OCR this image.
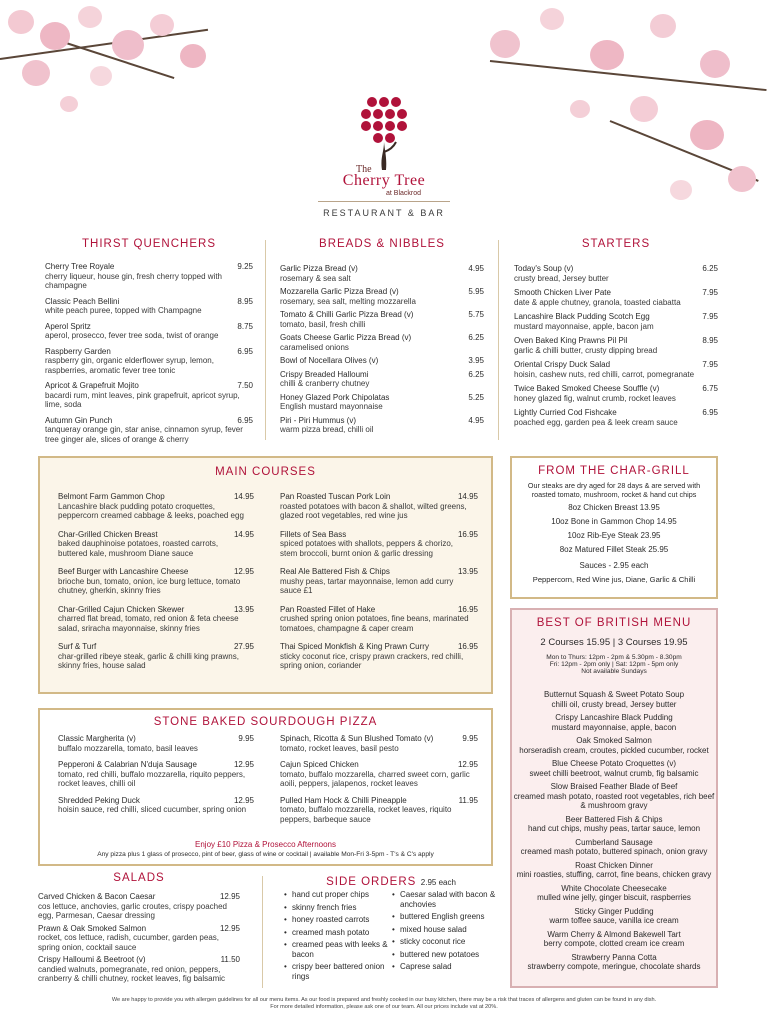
The
Cherry Tree
at Blackrod
RESTAURANT & BAR
THIRST QUENCHERS
Cherry Tree Royale	9.25
cherry liqueur, house gin, fresh cherry topped with champagne
Classic Peach Bellini	8.95
white peach puree, topped with Champagne
Aperol Spritz	8.75
aperol, prosecco, fever tree soda, twist of orange
Raspberry Garden	6.95
raspberry gin, organic elderflower syrup, lemon, raspberries, aromatic fever tree tonic
Apricot & Grapefruit Mojito	7.50
bacardi rum, mint leaves, pink grapefruit, apricot syrup, lime, soda
Autumn Gin Punch	6.95
tanqueray orange gin, star anise, cinnamon syrup, fever tree ginger ale, slices of orange & cherry
BREADS & NIBBLES
Garlic Pizza Bread (v)	4.95
rosemary & sea salt
Mozzarella Garlic Pizza Bread (v)	5.95
rosemary, sea salt, melting mozzarella
Tomato & Chilli Garlic Pizza Bread (v)	5.75
tomato, basil, fresh chilli
Goats Cheese Garlic Pizza Bread (v)	6.25
caramelised onions
Bowl of Nocellara Olives (v)	3.95
Crispy Breaded Halloumi	6.25
chilli & cranberry chutney
Honey Glazed Pork Chipolatas	5.25
English mustard mayonnaise
Piri - Piri Hummus (v)	4.95
warm pizza bread, chilli oil
STARTERS
Today's Soup (v)	6.25
crusty bread, Jersey butter
Smooth Chicken Liver Pate	7.95
date & apple chutney, granola, toasted ciabatta
Lancashire Black Pudding Scotch Egg	7.95
mustard mayonnaise, apple, bacon jam
Oven Baked King Prawns Pil Pil	8.95
garlic & chilli butter, crusty dipping bread
Oriental Crispy Duck Salad	7.95
hoisin, cashew nuts, red chilli, carrot, pomegranate
Twice Baked Smoked Cheese Souffle (v)	6.75
honey glazed fig, walnut crumb, rocket leaves
Lightly Curried Cod Fishcake	6.95
poached egg, garden pea & leek cream sauce
MAIN COURSES
Belmont Farm Gammon Chop	14.95
Lancashire black pudding potato croquettes, peppercorn creamed cabbage & leeks, poached egg
Char-Grilled Chicken Breast	14.95
baked dauphinoise potatoes, roasted carrots, buttered kale, mushroom Diane sauce
Beef Burger with Lancashire Cheese	12.95
brioche bun, tomato, onion, ice burg lettuce, tomato chutney, gherkin, skinny fries
Char-Grilled Cajun Chicken Skewer	13.95
charred flat bread, tomato, red onion & feta cheese salad, sriracha mayonnaise, skinny fries
Surf & Turf	27.95
char-grilled ribeye steak, garlic & chilli king prawns, skinny fries, house salad
Pan Roasted Tuscan Pork Loin	14.95
roasted potatoes with bacon & shallot, wilted greens, glazed root vegetables, red wine jus
Fillets of Sea Bass	16.95
spiced potatoes with shallots, peppers & chorizo, stem broccoli, burnt onion & garlic dressing
Real Ale Battered Fish & Chips	13.95
mushy peas, tartar mayonnaise, lemon add curry sauce £1
Pan Roasted Fillet of Hake	16.95
crushed spring onion potatoes, fine beans, marinated tomatoes, champagne & caper cream
Thai Spiced Monkfish & King Prawn Curry	16.95
sticky coconut rice, crispy prawn crackers, red chilli, spring onion, coriander
FROM THE CHAR-GRILL
Our steaks are dry aged for 28 days & are served with roasted tomato, mushroom, rocket & hand cut chips
8oz Chicken Breast 13.95
10oz Bone in Gammon Chop 14.95
10oz Rib-Eye Steak 23.95
8oz Matured Fillet Steak 25.95
Sauces - 2.95 each
Peppercorn, Red Wine jus, Diane, Garlic & Chilli
BEST OF BRITISH MENU
2 Courses 15.95 | 3 Courses 19.95
Mon to Thurs: 12pm - 2pm & 5.30pm - 8.30pm
Fri: 12pm - 2pm only | Sat: 12pm - 5pm only
Not available Sundays
Butternut Squash & Sweet Potato Soup
chilli oil, crusty bread, Jersey butter
Crispy Lancashire Black Pudding
mustard mayonnaise, apple, bacon
Oak Smoked Salmon
horseradish cream, croutes, pickled cucumber, rocket
Blue Cheese Potato Croquettes (v)
sweet chilli beetroot, walnut crumb, fig balsamic
Slow Braised Feather Blade of Beef
creamed mash potato, roasted root vegetables, rich beef & mushroom gravy
Beer Battered Fish & Chips
hand cut chips, mushy peas, tartar sauce, lemon
Cumberland Sausage
creamed mash potato, buttered spinach, onion gravy
Roast Chicken Dinner
mini roasties, stuffing, carrot, fine beans, chicken gravy
White Chocolate Cheesecake
mulled wine jelly, ginger biscuit, raspberries
Sticky Ginger Pudding
warm toffee sauce, vanilla ice cream
Warm Cherry & Almond Bakewell Tart
berry compote, clotted cream ice cream
Strawberry Panna Cotta
strawberry compote, meringue, chocolate shards
STONE BAKED SOURDOUGH PIZZA
Classic Margherita (v)	9.95
buffalo mozzarella, tomato, basil leaves
Pepperoni & Calabrian N'duja Sausage	12.95
tomato, red chilli, buffalo mozzarella, riquito peppers, rocket leaves, chilli oil
Shredded Peking Duck	12.95
hoisin sauce, red chilli, sliced cucumber, spring onion
Spinach, Ricotta & Sun Blushed Tomato (v)	9.95
tomato, rocket leaves, basil pesto
Cajun Spiced Chicken	12.95
tomato, buffalo mozzarella, charred sweet corn, garlic aoili, peppers, jalapenos, rocket leaves
Pulled Ham Hock & Chilli Pineapple	11.95
tomato, buffalo mozzarella, rocket leaves, riquito peppers, barbeque sauce
Enjoy £10 Pizza & Prosecco Afternoons
Any pizza plus 1 glass of prosecco, pint of beer, glass of wine or cocktail | available Mon-Fri 3-5pm - T's & C's apply
SALADS
Carved Chicken & Bacon Caesar	12.95
cos lettuce, anchovies, garlic croutes, crispy poached egg, Parmesan, Caesar dressing
Prawn & Oak Smoked Salmon	12.95
rocket, cos lettuce, radish, cucumber, garden peas, spring onion, cocktail sauce
Crispy Halloumi & Beetroot (v)	11.50
candied walnuts, pomegranate, red onion, peppers, cranberry & chilli chutney, rocket leaves, fig balsamic
SIDE ORDERS 2.95 each
• hand cut proper chips
• skinny french fries
• honey roasted carrots
• creamed mash potato
• creamed peas with leeks & bacon
• crispy beer battered onion rings
• Caesar salad with bacon & anchovies
• buttered English greens
• mixed house salad
• sticky coconut rice
• buttered new potatoes
• Caprese salad
We are happy to provide you with allergen guidelines for all our menu items. As our food is prepared and freshly cooked in our busy kitchen, there may be a risk that traces of allergens and gluten can be found in any dish.
For more detailed information, please ask one of our team. All our prices include vat at 20%.
